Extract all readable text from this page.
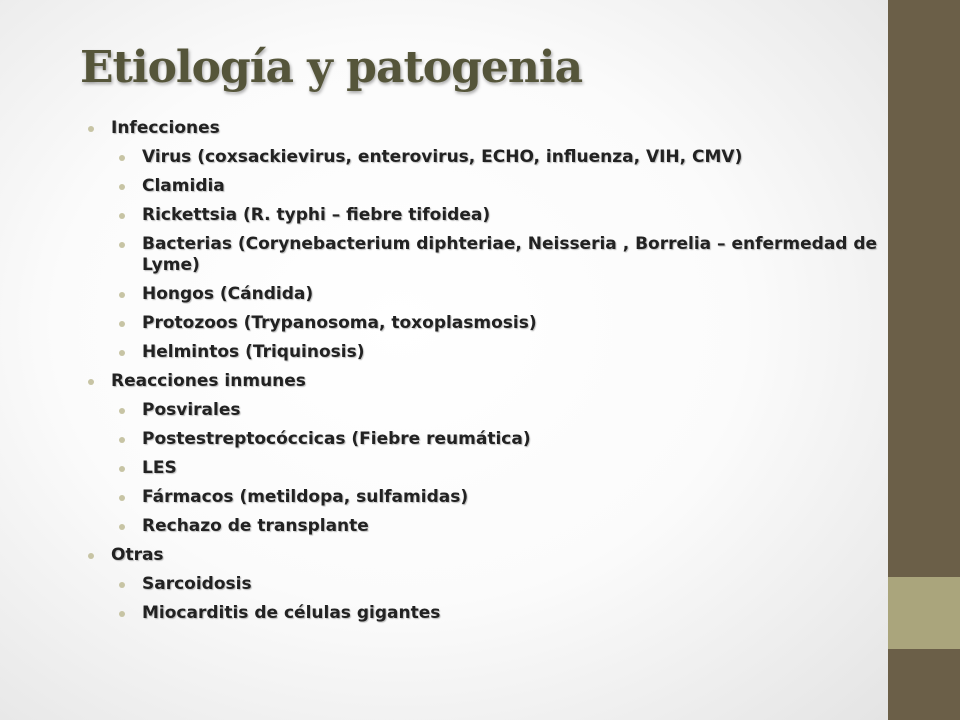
Etiología y patogenia
Infecciones
Virus (coxsackievirus, enterovirus, ECHO, influenza, VIH, CMV)
Clamidia
Rickettsia (R. typhi – fiebre tifoidea)
Bacterias (Corynebacterium diphteriae, Neisseria , Borrelia – enfermedad de Lyme)
Hongos (Cándida)
Protozoos (Trypanosoma, toxoplasmosis)
Helmintos (Triquinosis)
Reacciones inmunes
Posvirales
Postestreptocóccicas (Fiebre reumática)
LES
Fármacos (metildopa, sulfamidas)
Rechazo de transplante
Otras
Sarcoidosis
Miocarditis de células gigantes
